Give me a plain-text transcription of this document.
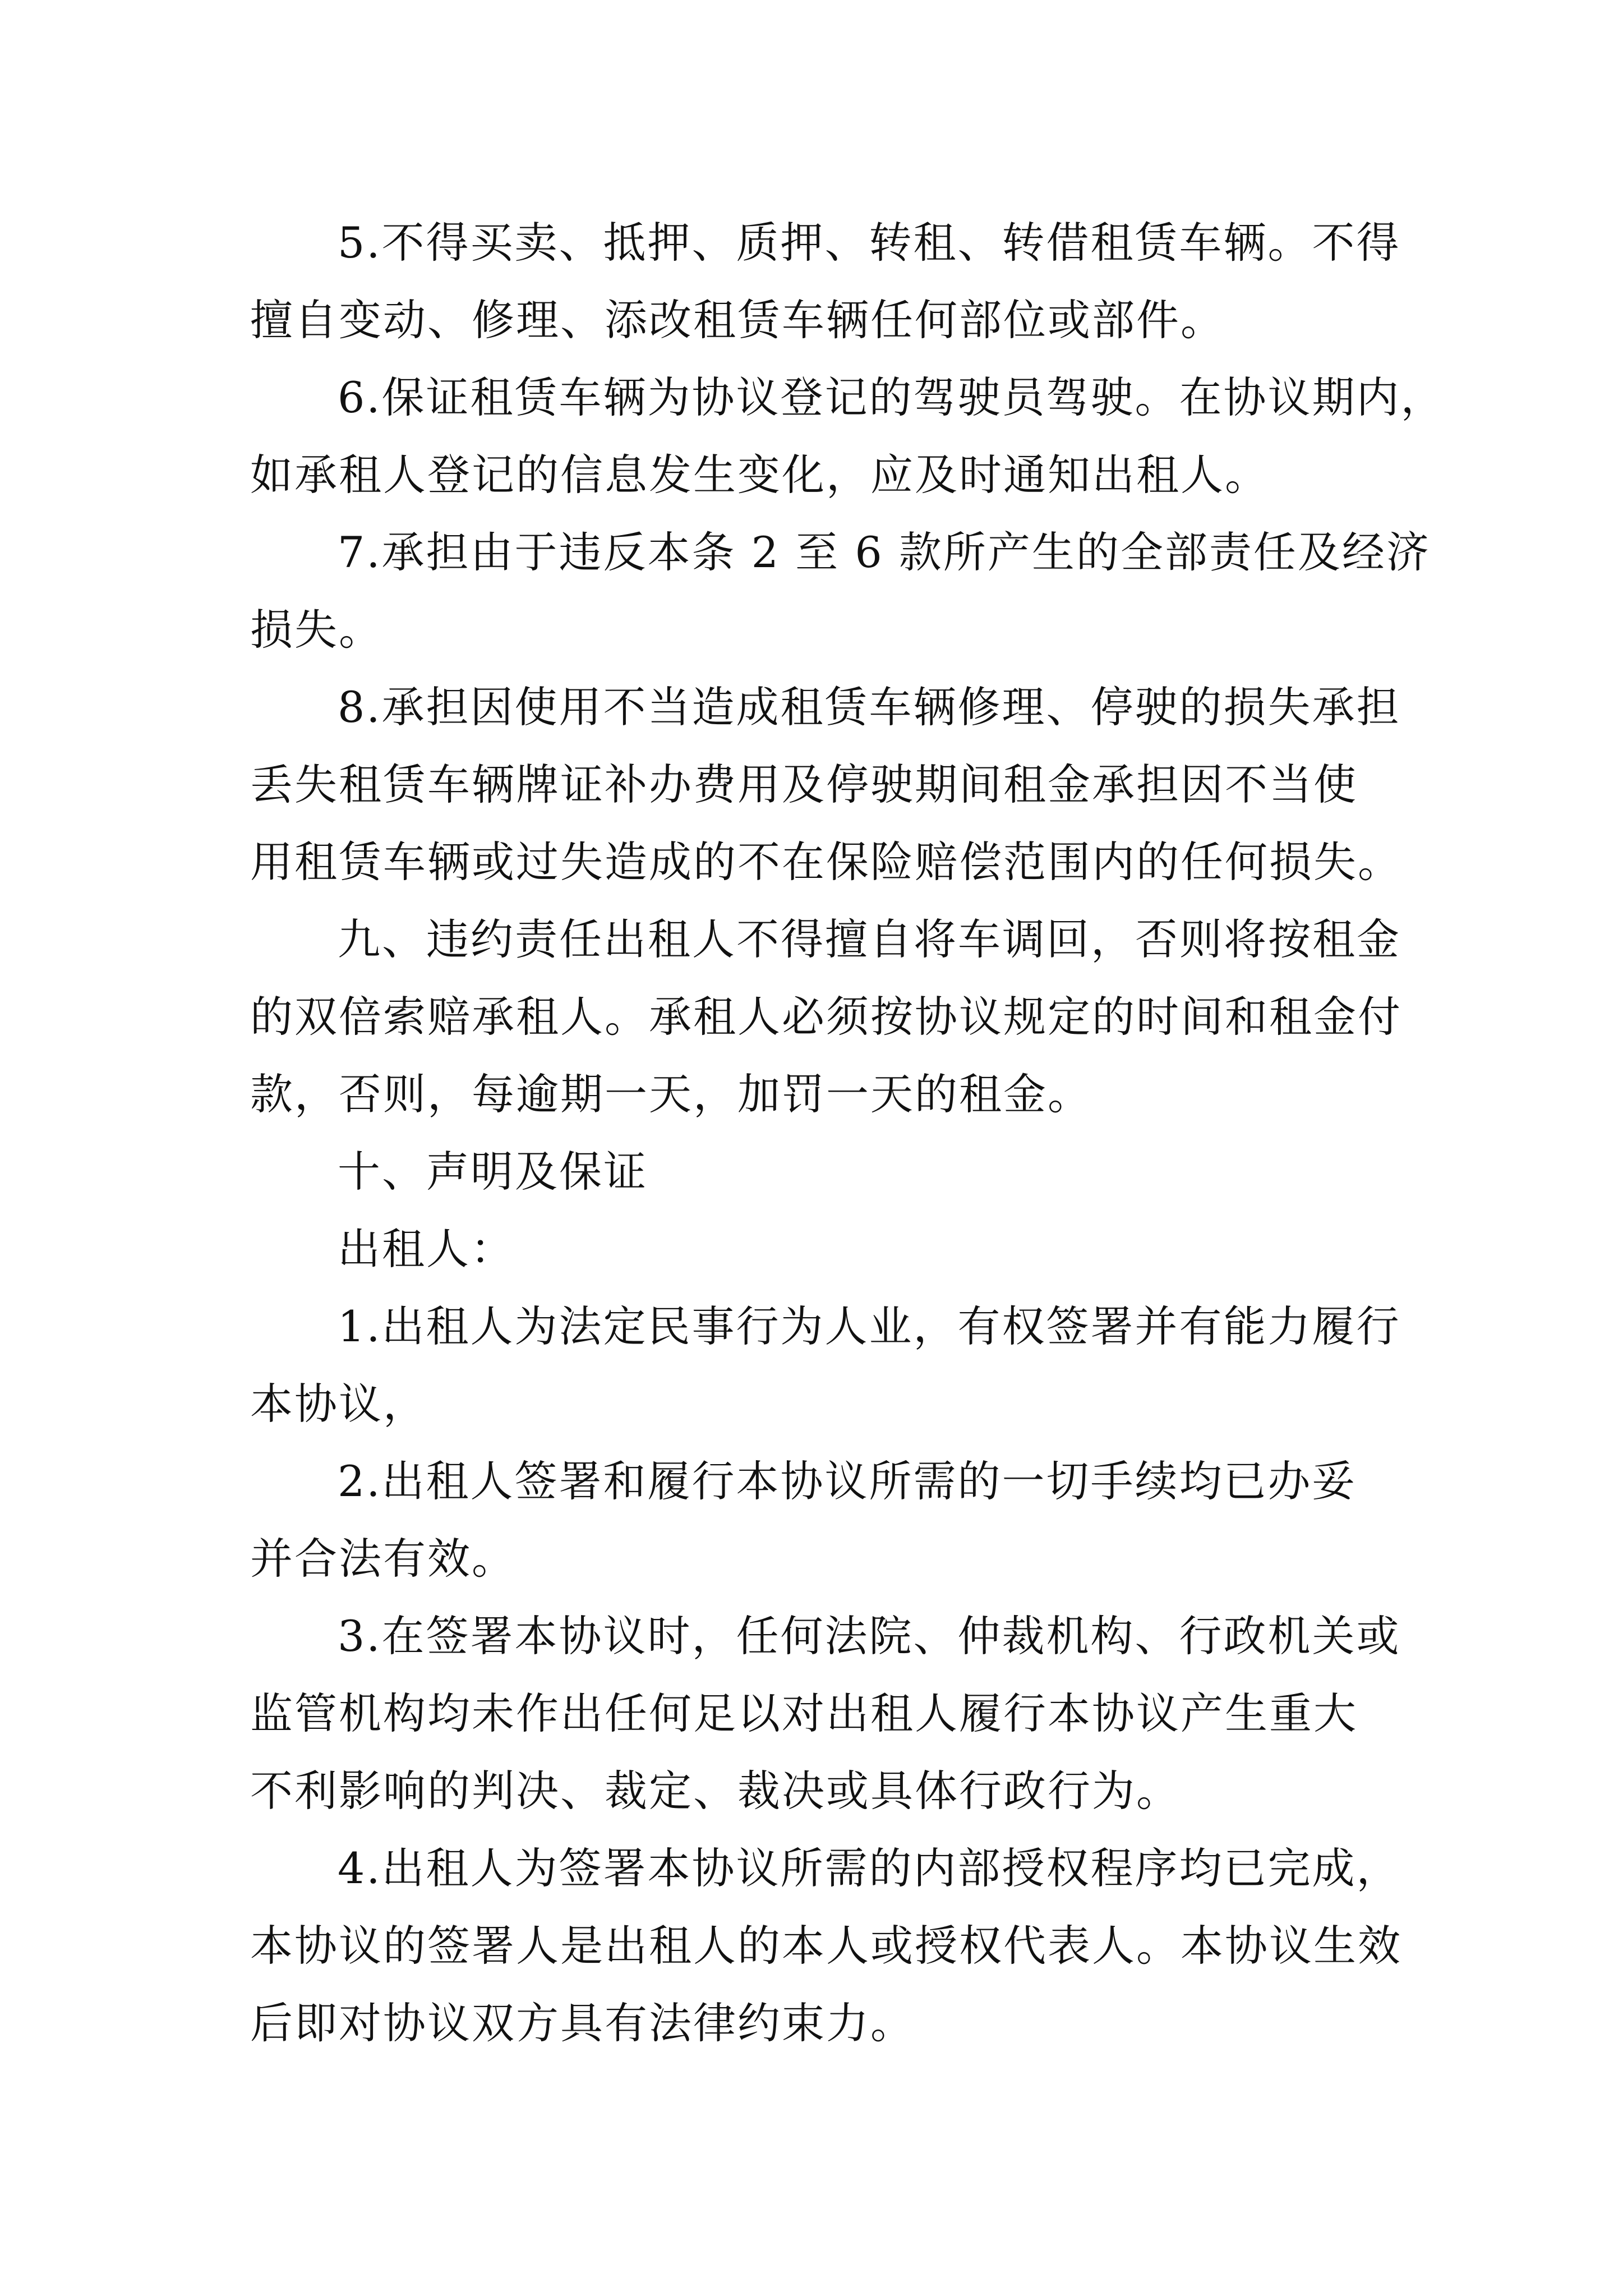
5.不得买卖、抵押、质押、转租、转借租赁车辆。不得
擅自变动、修理、添改租赁车辆任何部位或部件。
6.保证租赁车辆为协议登记的驾驶员驾驶。在协议期内，
如承租人登记的信息发生变化，应及时通知出租人。
7.承担由于违反本条 2 至 6 款所产生的全部责任及经济
损失。
8.承担因使用不当造成租赁车辆修理、停驶的损失承担
丢失租赁车辆牌证补办费用及停驶期间租金承担因不当使
用租赁车辆或过失造成的不在保险赔偿范围内的任何损失。
九、违约责任出租人不得擅自将车调回，否则将按租金
的双倍索赔承租人。承租人必须按协议规定的时间和租金付
款，否则，每逾期一天，加罚一天的租金。
十、声明及保证
出租人：
1.出租人为法定民事行为人业，有权签署并有能力履行
本协议，
2.出租人签署和履行本协议所需的一切手续均已办妥
并合法有效。
3.在签署本协议时，任何法院、仲裁机构、行政机关或
监管机构均未作出任何足以对出租人履行本协议产生重大
不利影响的判决、裁定、裁决或具体行政行为。
4.出租人为签署本协议所需的内部授权程序均已完成，
本协议的签署人是出租人的本人或授权代表人。本协议生效
后即对协议双方具有法律约束力。
